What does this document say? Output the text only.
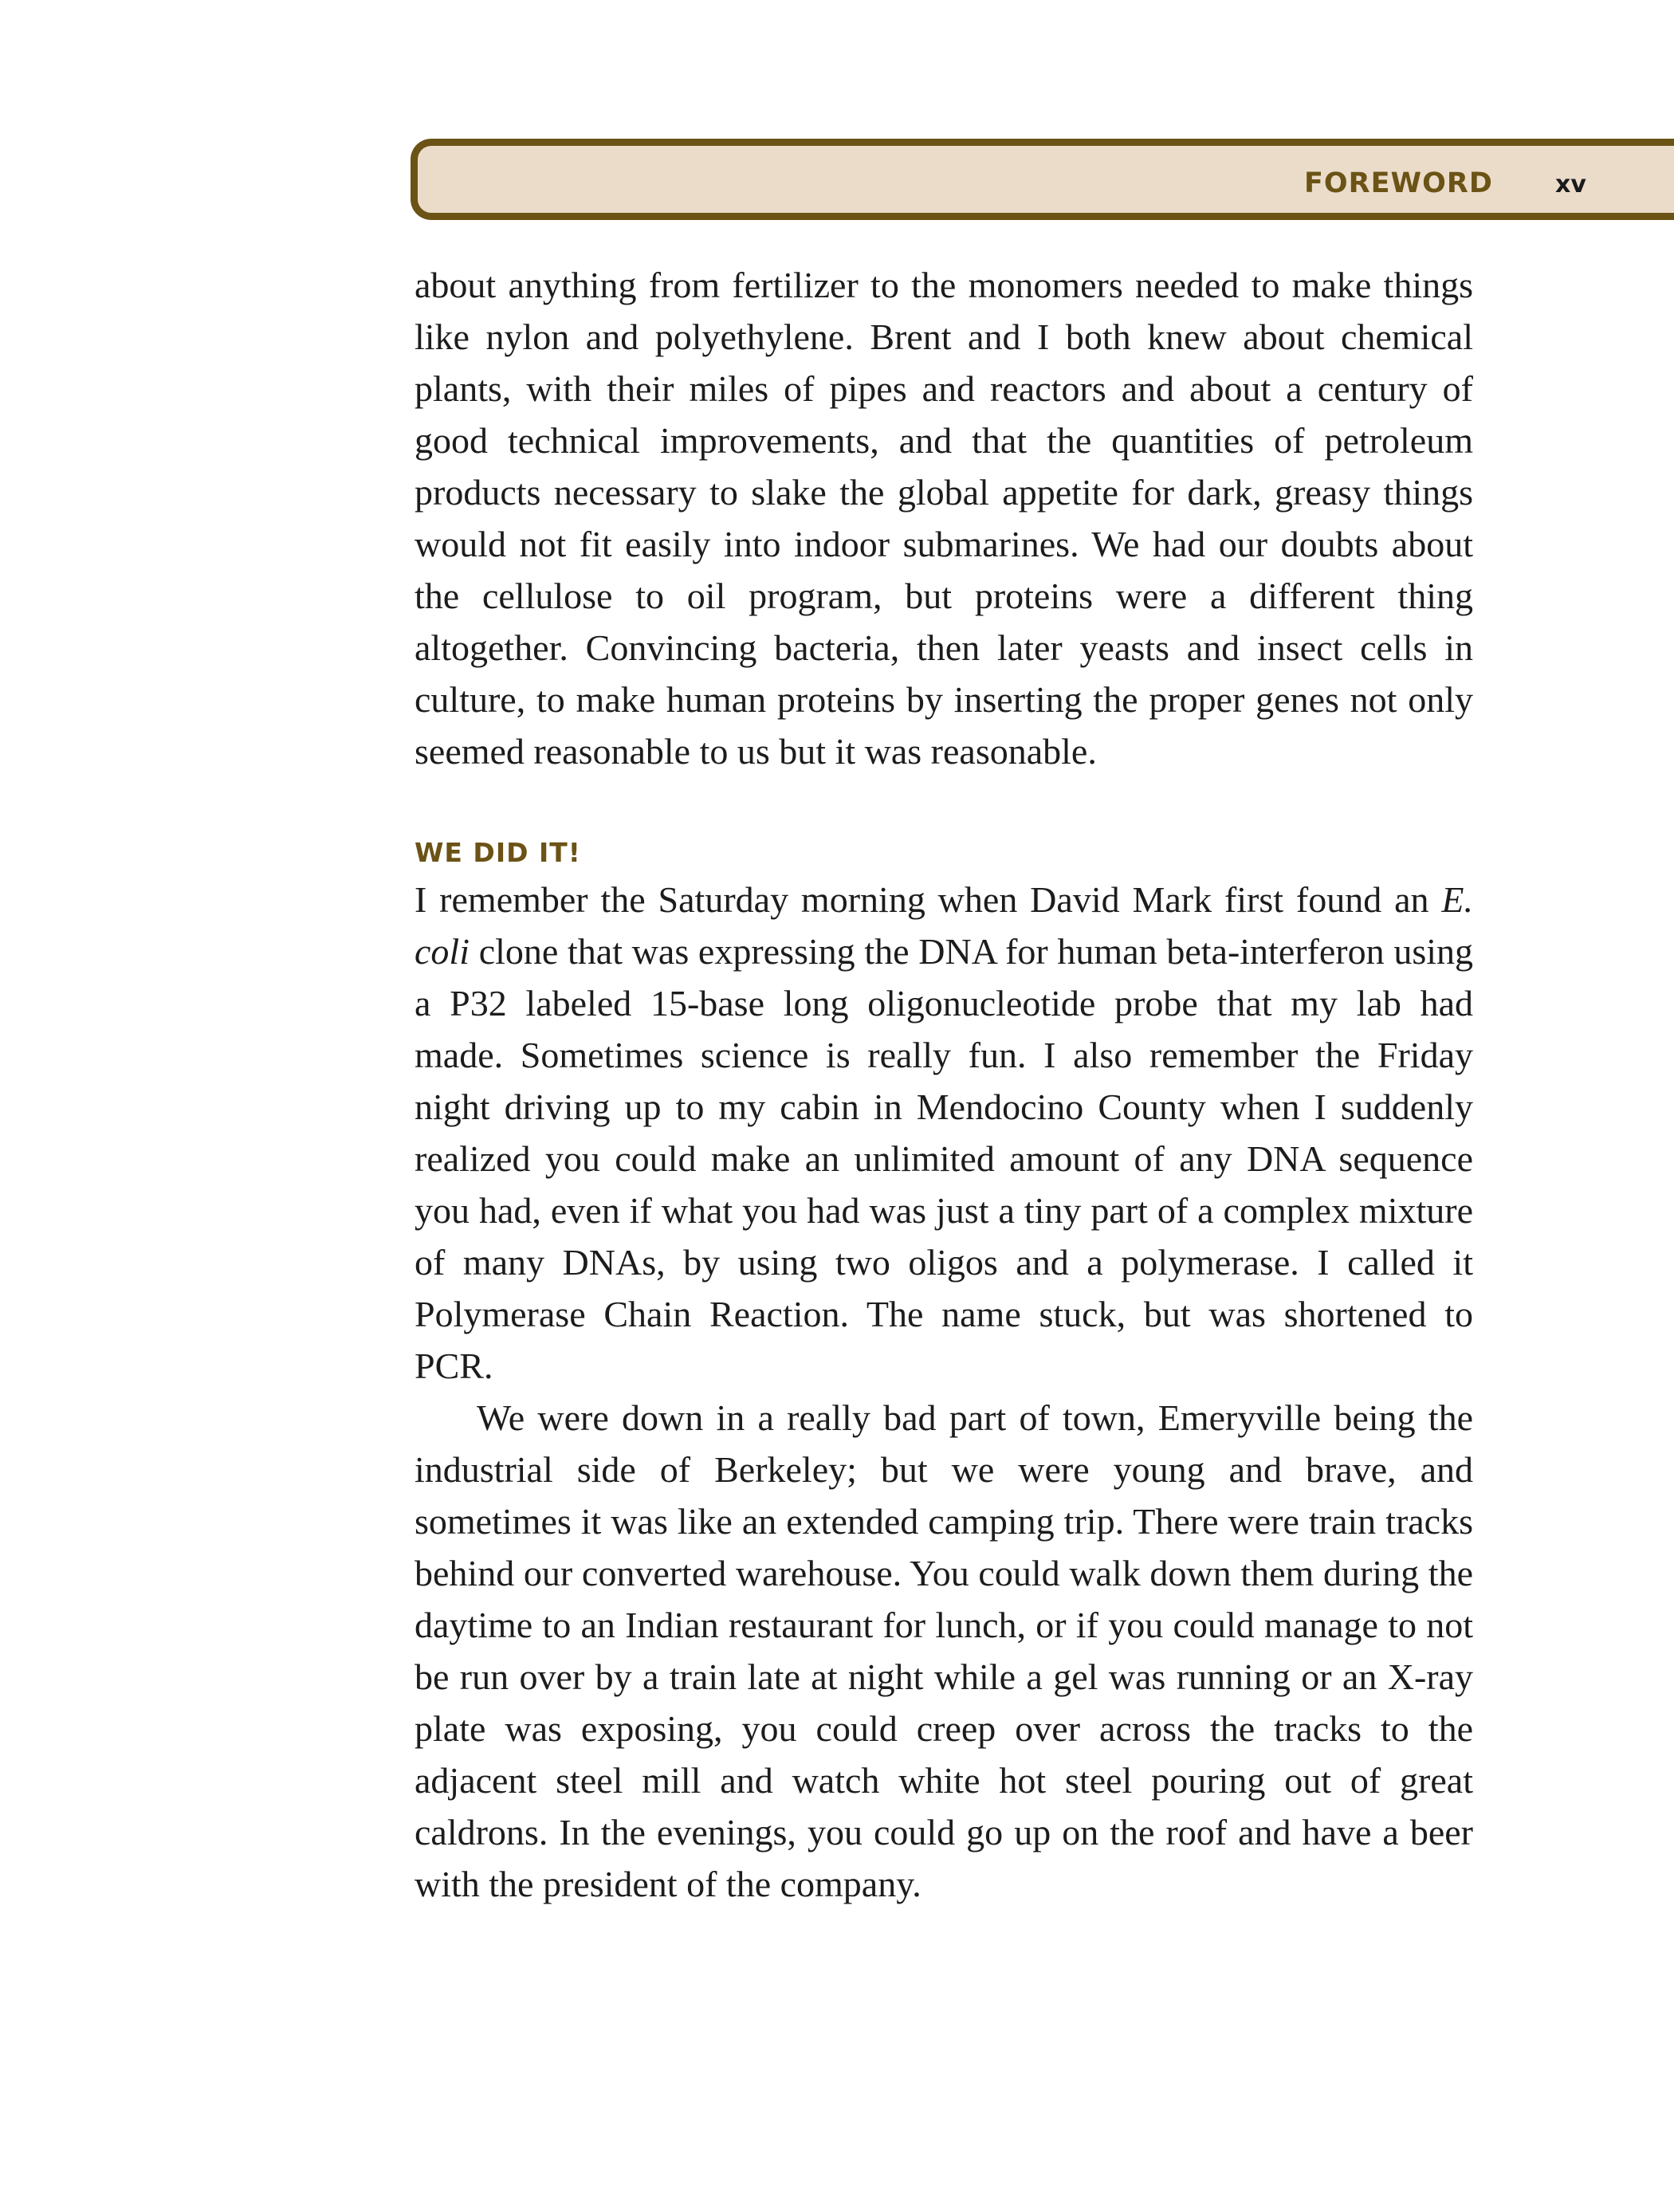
FOREWORD	xv

about anything from fertilizer to the monomers needed to make things like nylon and polyethylene. Brent and I both knew about chemical plants, with their miles of pipes and reactors and about a century of good technical improvements, and that the quantities of petroleum products necessary to slake the global appetite for dark, greasy things would not fit easily into indoor submarines. We had our doubts about the cellulose to oil program, but proteins were a different thing altogether. Convincing bacteria, then later yeasts and insect cells in culture, to make human proteins by inserting the proper genes not only seemed reasonable to us but it was reasonable.

WE DID IT!

I remember the Saturday morning when David Mark first found an E. coli clone that was expressing the DNA for human beta-interferon using a P32 labeled 15-base long oligonucleotide probe that my lab had made. Sometimes science is really fun. I also remember the Friday night driving up to my cabin in Mendocino County when I suddenly realized you could make an unlimited amount of any DNA sequence you had, even if what you had was just a tiny part of a complex mixture of many DNAs, by using two oligos and a polymerase. I called it Polymerase Chain Reaction. The name stuck, but was shortened to PCR.

We were down in a really bad part of town, Emeryville being the industrial side of Berkeley; but we were young and brave, and sometimes it was like an extended camping trip. There were train tracks behind our converted warehouse. You could walk down them during the daytime to an Indian restaurant for lunch, or if you could manage to not be run over by a train late at night while a gel was running or an X-ray plate was exposing, you could creep over across the tracks to the adjacent steel mill and watch white hot steel pouring out of great caldrons. In the evenings, you could go up on the roof and have a beer with the president of the company.
